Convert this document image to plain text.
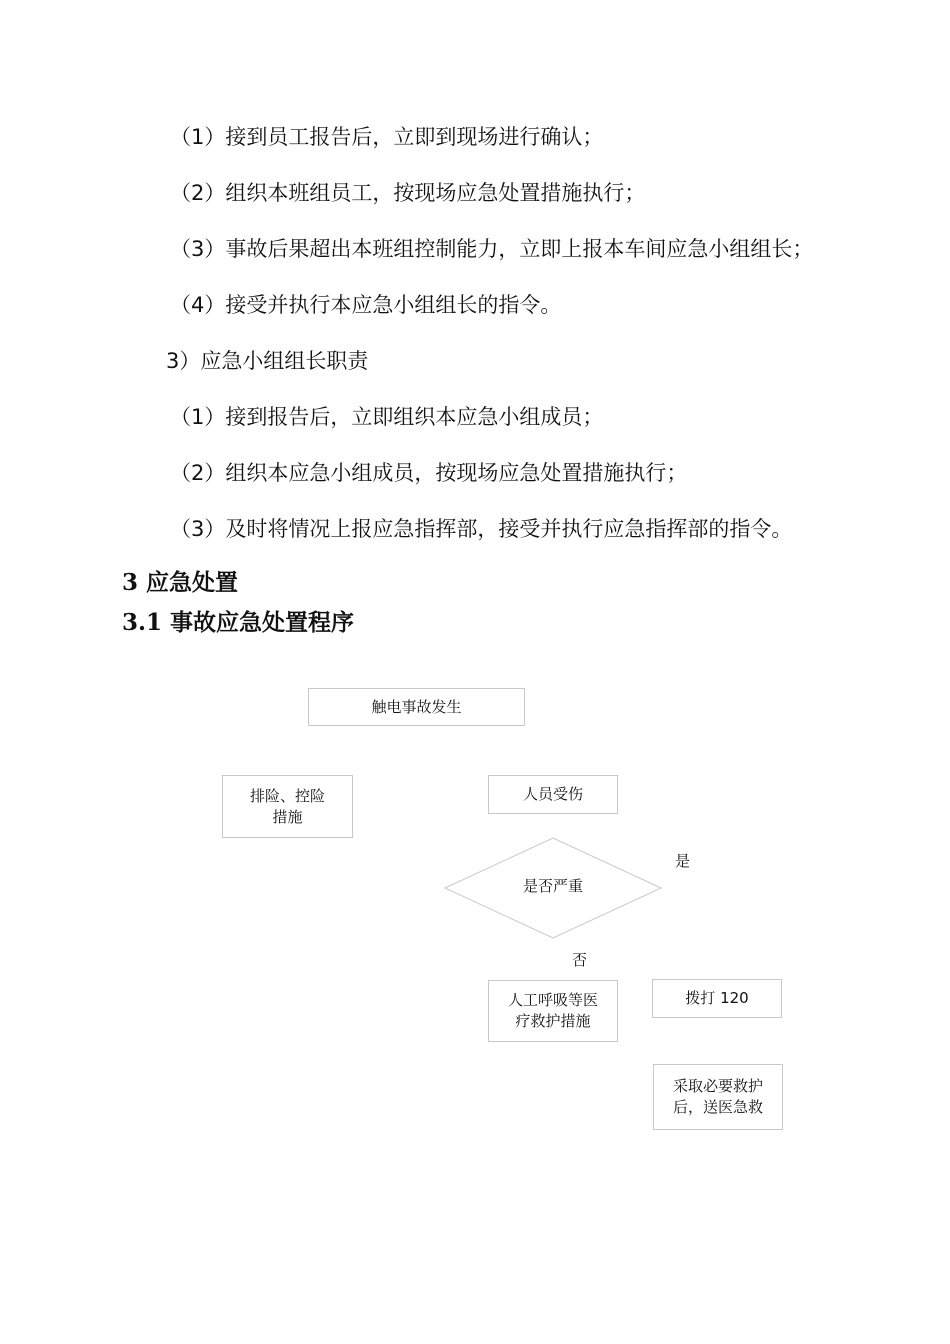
（1）接到员工报告后，立即到现场进行确认；
（2）组织本班组员工，按现场应急处置措施执行；
（3）事故后果超出本班组控制能力，立即上报本车间应急小组组长；
（4）接受并执行本应急小组组长的指令。
3）应急小组组长职责
（1）接到报告后，立即组织本应急小组成员；
（2）组织本应急小组成员，按现场应急处置措施执行；
（3）及时将情况上报应急指挥部，接受并执行应急指挥部的指令。
3 应急处置
3.1 事故应急处置程序
触电事故发生
排险、控险
措施
人员受伤
是否严重
是
否
人工呼吸等医
疗救护措施
拨打 120
采取必要救护
后，送医急救
